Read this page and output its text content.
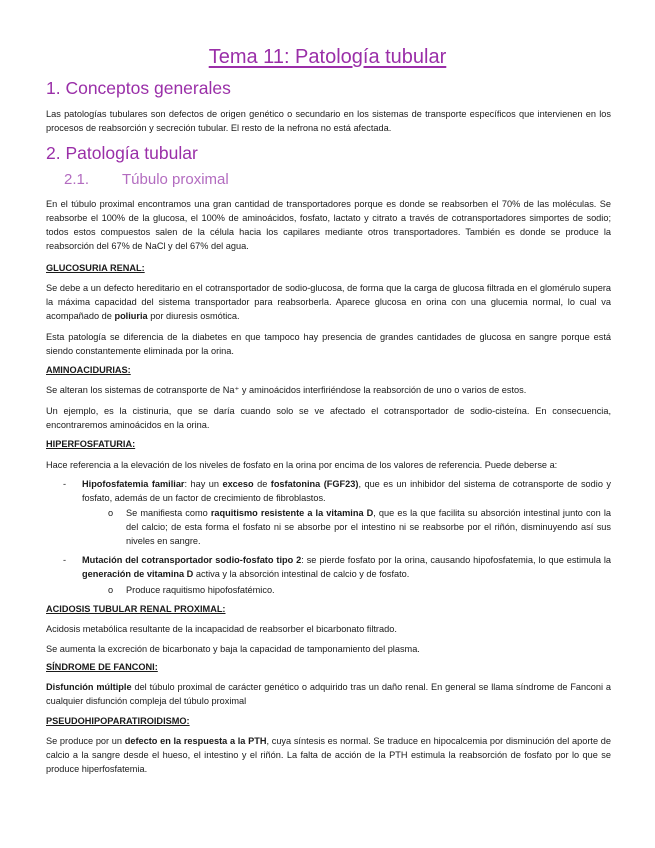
Tema 11: Patología tubular
1. Conceptos generales
Las patologías tubulares son defectos de origen genético o secundario en los sistemas de transporte específicos que intervienen en los procesos de reabsorción y secreción tubular. El resto de la nefrona no está afectada.
2. Patología tubular
2.1. Túbulo proximal
En el túbulo proximal encontramos una gran cantidad de transportadores porque es donde se reabsorben el 70% de las moléculas. Se reabsorbe el 100% de la glucosa, el 100% de aminoácidos, fosfato, lactato y citrato a través de cotransportadores simportes de sodio; todos estos compuestos salen de la célula hacia los capilares mediante otros transportadores. También es donde se produce la reabsorción del 67% de NaCl y del 67% del agua.
GLUCOSURIA RENAL:
Se debe a un defecto hereditario en el cotransportador de sodio-glucosa, de forma que la carga de glucosa filtrada en el glomérulo supera la máxima capacidad del sistema transportador para reabsorberla. Aparece glucosa en orina con una glucemia normal, lo cual va acompañado de poliuria por diuresis osmótica.
Esta patología se diferencia de la diabetes en que tampoco hay presencia de grandes cantidades de glucosa en sangre porque está siendo constantemente eliminada por la orina.
AMINOACIDURIAS:
Se alteran los sistemas de cotransporte de Na⁺ y aminoácidos interfiriéndose la reabsorción de uno o varios de estos.
Un ejemplo, es la cistinuria, que se daría cuando solo se ve afectado el cotransportador de sodio-cisteína. En consecuencia, encontraremos aminoácidos en la orina.
HIPERFOSFATURIA:
Hace referencia a la elevación de los niveles de fosfato en la orina por encima de los valores de referencia. Puede deberse a:
- Hipofosfatemia familiar: hay un exceso de fosfatonina (FGF23), que es un inhibidor del sistema de cotransporte de sodio y fosfato, además de un factor de crecimiento de fibroblastos.
o Se manifiesta como raquitismo resistente a la vitamina D, que es la que facilita su absorción intestinal junto con la del calcio; de esta forma el fosfato ni se absorbe por el intestino ni se reabsorbe por el riñón, disminuyendo así sus niveles en sangre.
- Mutación del cotransportador sodio-fosfato tipo 2: se pierde fosfato por la orina, causando hipofosfatemia, lo que estimula la generación de vitamina D activa y la absorción intestinal de calcio y de fosfato.
o Produce raquitismo hipofosfatémico.
ACIDOSIS TUBULAR RENAL PROXIMAL:
Acidosis metabólica resultante de la incapacidad de reabsorber el bicarbonato filtrado.
Se aumenta la excreción de bicarbonato y baja la capacidad de tamponamiento del plasma.
SÍNDROME DE FANCONI:
Disfunción múltiple del túbulo proximal de carácter genético o adquirido tras un daño renal. En general se llama síndrome de Fanconi a cualquier disfunción compleja del túbulo proximal
PSEUDOHIPOPARATIROIDISMO:
Se produce por un defecto en la respuesta a la PTH, cuya síntesis es normal. Se traduce en hipocalcemia por disminución del aporte de calcio a la sangre desde el hueso, el intestino y el riñón. La falta de acción de la PTH estimula la reabsorción de fosfato por lo que se produce hiperfosfatemia.
